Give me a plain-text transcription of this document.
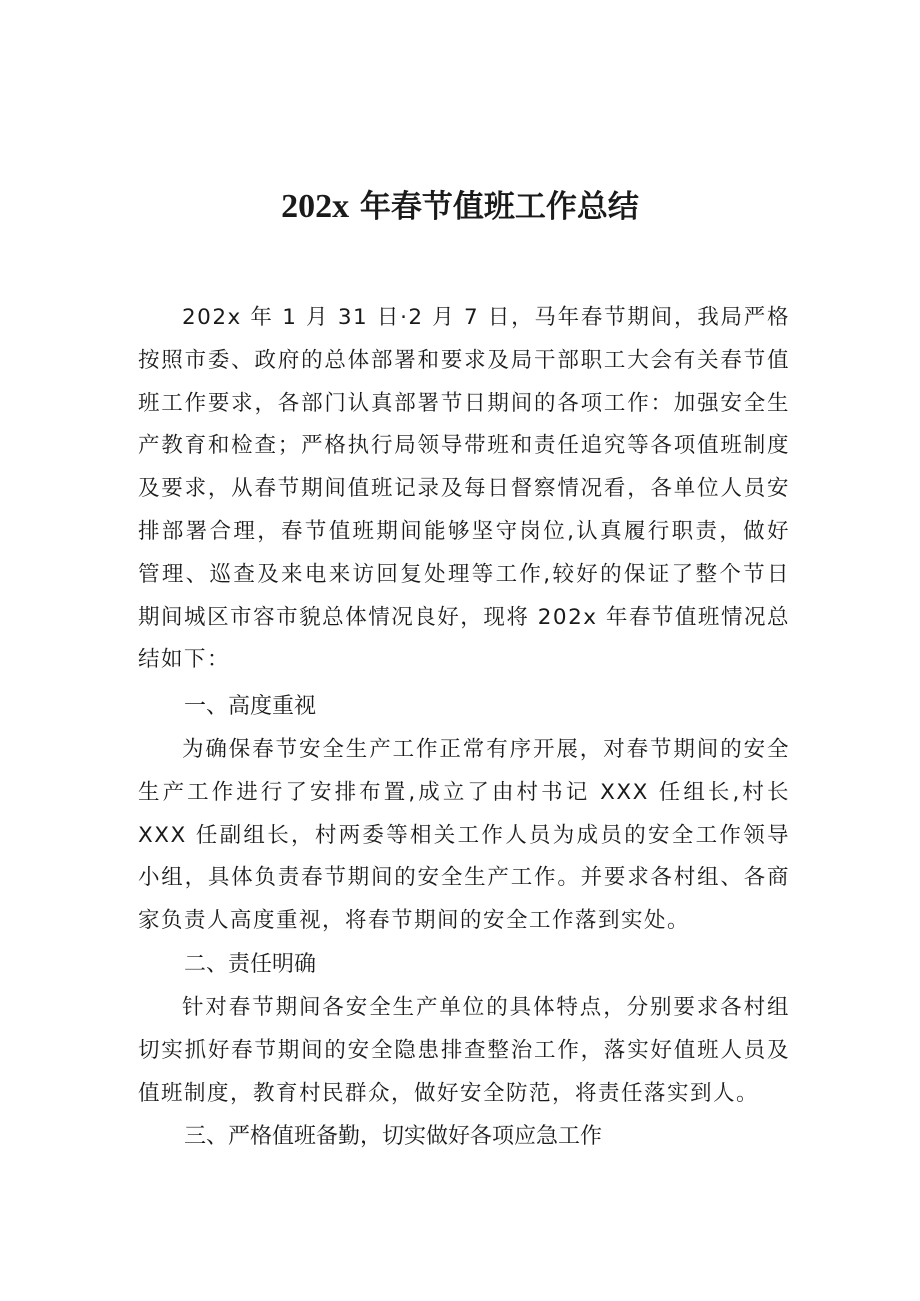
202x 年春节值班工作总结

202x 年 1 月 31 日·2 月 7 日，马年春节期间，我局严格按照市委、政府的总体部署和要求及局干部职工大会有关春节值班工作要求，各部门认真部署节日期间的各项工作：加强安全生产教育和检查；严格执行局领导带班和责任追究等各项值班制度及要求，从春节期间值班记录及每日督察情况看，各单位人员安排部署合理，春节值班期间能够坚守岗位,认真履行职责，做好管理、巡查及来电来访回复处理等工作,较好的保证了整个节日期间城区市容市貌总体情况良好，现将 202x 年春节值班情况总结如下：

一、高度重视

为确保春节安全生产工作正常有序开展，对春节期间的安全生产工作进行了安排布置,成立了由村书记 XXX 任组长,村长 XXX 任副组长，村两委等相关工作人员为成员的安全工作领导小组，具体负责春节期间的安全生产工作。并要求各村组、各商家负责人高度重视，将春节期间的安全工作落到实处。

二、责任明确

针对春节期间各安全生产单位的具体特点，分别要求各村组切实抓好春节期间的安全隐患排查整治工作，落实好值班人员及值班制度，教育村民群众，做好安全防范，将责任落实到人。

三、严格值班备勤，切实做好各项应急工作
